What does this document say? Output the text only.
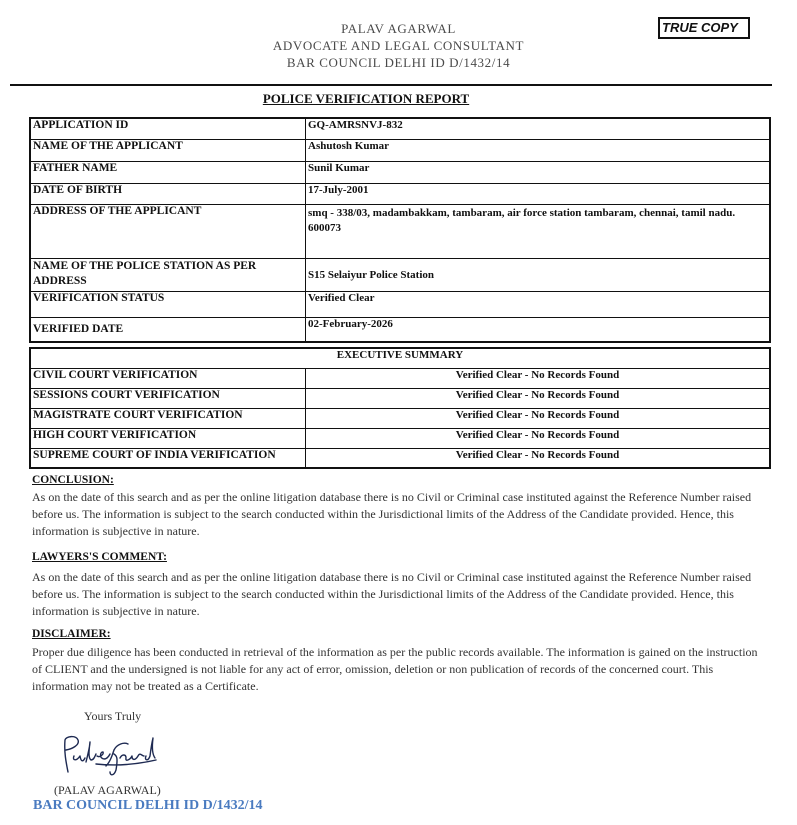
PALAV AGARWAL
ADVOCATE AND LEGAL CONSULTANT
BAR COUNCIL DELHI ID D/1432/14
TRUE COPY
POLICE VERIFICATION REPORT
APPLICATION ID	GQ-AMRSNVJ-832
NAME OF THE APPLICANT	Ashutosh Kumar
FATHER NAME	Sunil Kumar
DATE OF BIRTH	17-July-2001
ADDRESS OF THE APPLICANT	smq - 338/03, madambakkam, tambaram, air force station tambaram, chennai, tamil nadu. 600073
NAME OF THE POLICE STATION AS PER ADDRESS	S15 Selaiyur Police Station
VERIFICATION STATUS	Verified Clear
VERIFIED DATE	02-February-2026
EXECUTIVE SUMMARY	
CIVIL COURT VERIFICATION	Verified Clear - No Records Found
SESSIONS COURT VERIFICATION	Verified Clear - No Records Found
MAGISTRATE COURT VERIFICATION	Verified Clear - No Records Found
HIGH COURT VERIFICATION	Verified Clear - No Records Found
SUPREME COURT OF INDIA VERIFICATION	Verified Clear - No Records Found
CONCLUSION:

As on the date of this search and as per the online litigation database there is no Civil or Criminal case instituted against the Reference Number raised before us. The information is subject to the search conducted within the Jurisdictional limits of the Address of the Candidate provided. Hence, this information is subjective in nature.

LAWYERS'S COMMENT:

As on the date of this search and as per the online litigation database there is no Civil or Criminal case instituted against the Reference Number raised before us. The information is subject to the search conducted within the Jurisdictional limits of the Address of the Candidate provided. Hence, this information is subjective in nature.

DISCLAIMER:

Proper due diligence has been conducted in retrieval of the information as per the public records available. The information is gained on the instruction of CLIENT and the undersigned is not liable for any act of error, omission, deletion or non publication of records of the concerned court. This information may not be treated as a Certificate.

Yours Truly
(PALAV AGARWAL)
BAR COUNCIL DELHI ID D/1432/14
